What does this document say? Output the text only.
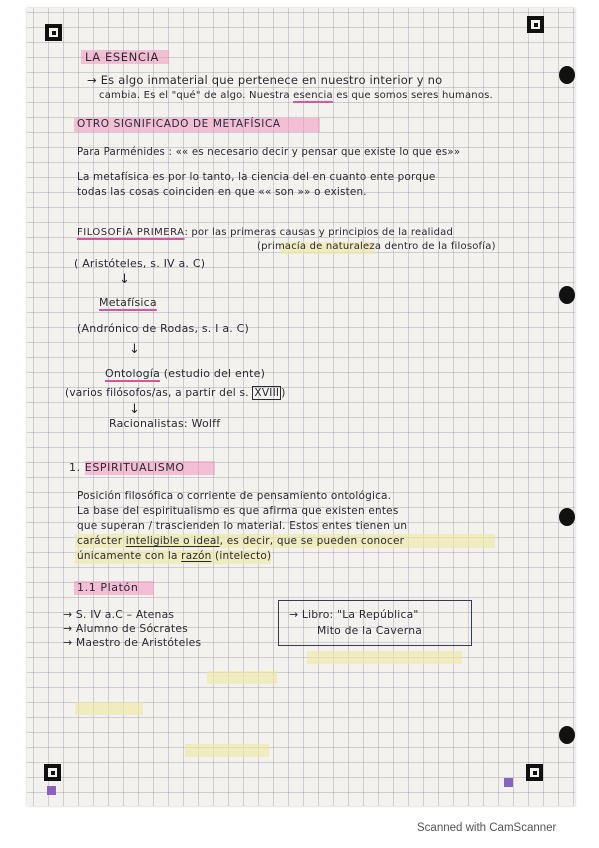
LA ESENCIA
→ Es algo inmaterial que pertenece en nuestro interior y no
cambia. Es el "qué" de algo. Nuestra esencia es que somos seres humanos.
OTRO SIGNIFICADO DE METAFÍSICA
Para Parménides : «« es necesario decir y pensar que existe lo que es»»
La metafísica es por lo tanto, la ciencia del en cuanto ente porque
todas las cosas coinciden en que «« son »» o existen.
FILOSOFÍA PRIMERA: por las primeras causas y principios de la realidad
(primacía de naturaleza dentro de la filosofía)
( Aristóteles, s. IV a. C)
↓
Metafísica
(Andrónico de Rodas, s. I a. C)
↓
Ontología (estudio del ente)
(varios filósofos/as, a partir del s. XVIII )
↓
Racionalistas: Wolff
1. ESPIRITUALISMO
Posición filosófica o corriente de pensamiento ontológica.
La base del espiritualismo es que afirma que existen entes
que superan / trascienden lo material. Estos entes tienen un
carácter inteligible o ideal, es decir, que se pueden conocer
únicamente con la razón (intelecto)
1.1 Platón
→ S. IV a.C – Atenas
→ Alumno de Sócrates
→ Maestro de Aristóteles
→ Libro: "La República"
Mito de la Caverna
Scanned with CamScanner
